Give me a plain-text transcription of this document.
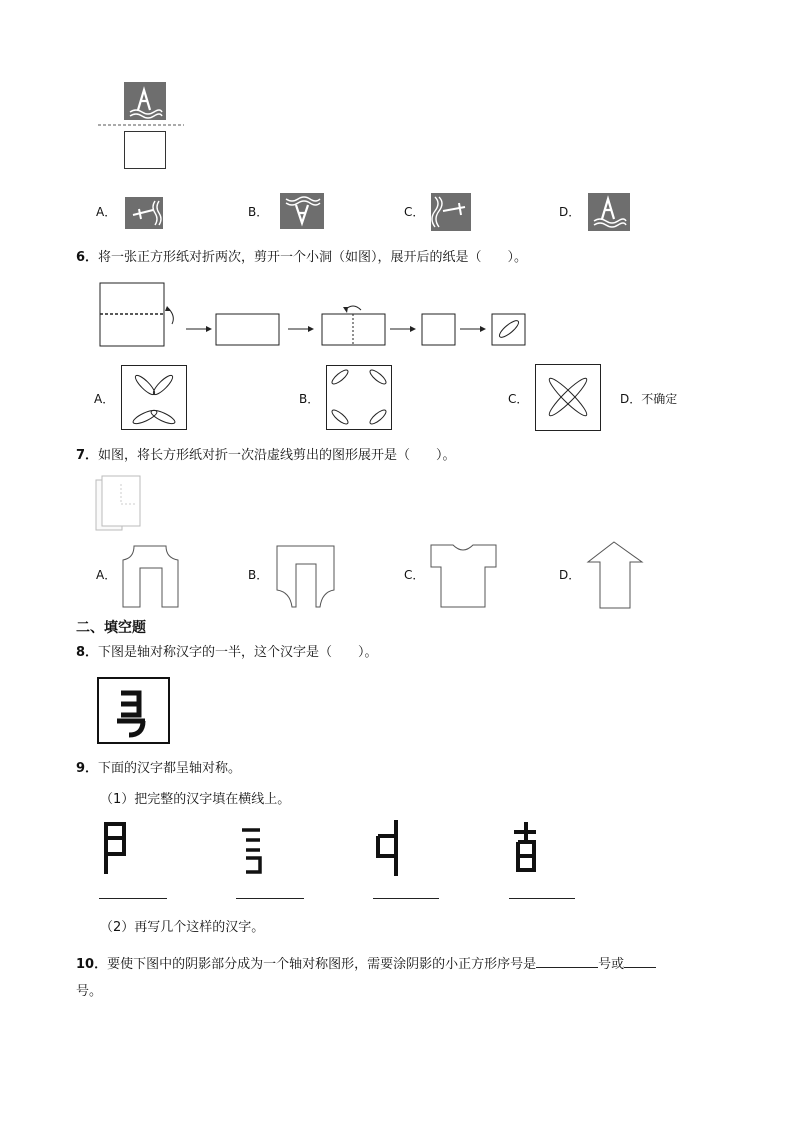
A．	B．	C．	D．
6．将一张正方形纸对折两次，剪开一个小洞（如图），展开后的纸是（　　）。
A．	B．	C．	D．不确定
7．如图，将长方形纸对折一次沿虚线剪出的图形展开是（　　）。
A．	B．	C．	D．
二、填空题
8．下图是轴对称汉字的一半，这个汉字是（　　）。
9．下面的汉字都呈轴对称。
（1）把完整的汉字填在横线上。
（2）再写几个这样的汉字。
10．要使下图中的阴影部分成为一个轴对称图形，需要涂阴影的小正方形序号是	号或
号。
